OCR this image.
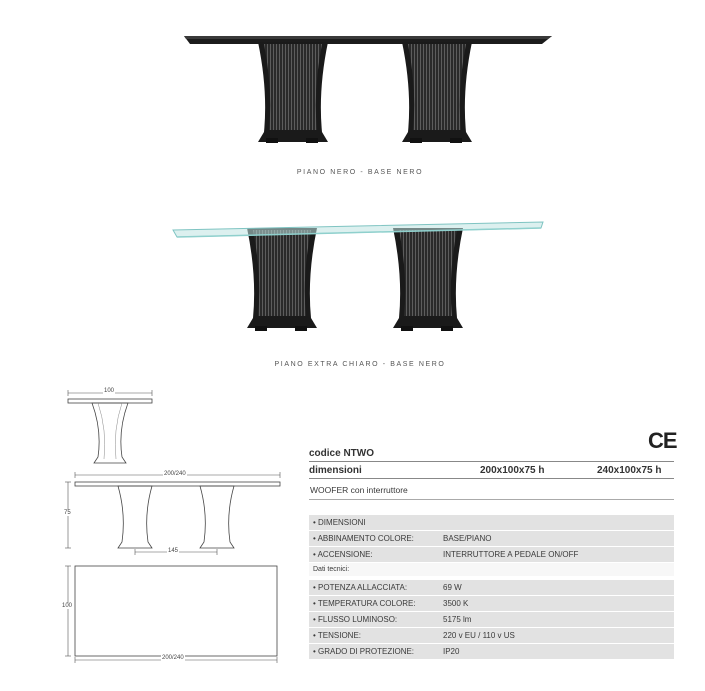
PIANO NERO - BASE NERO
PIANO EXTRA CHIARO - BASE NERO
100
200/240
75
145
100
200/240
CE
codice NTWO
dimensioni	200x100x75 h	240x100x75 h
WOOFER con interruttore
• DIMENSIONI
• ABBINAMENTO COLORE:	BASE/PIANO
• ACCENSIONE:	INTERRUTTORE A PEDALE ON/OFF
Dati tecnici:
• POTENZA ALLACCIATA:	69 W
• TEMPERATURA COLORE:	3500 K
• FLUSSO LUMINOSO:	5175 lm
• TENSIONE:	220 v EU / 110 v US
• GRADO DI PROTEZIONE:	IP20
